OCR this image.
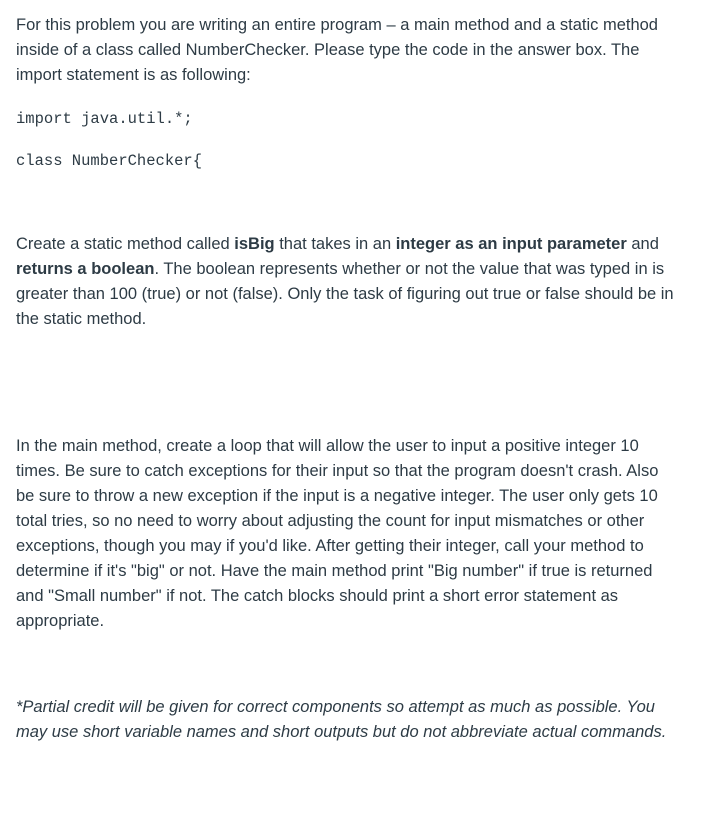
For this problem you are writing an entire program – a main method and a static method inside of a class called NumberChecker. Please type the code in the answer box. The import statement is as following:

import java.util.*;
class NumberChecker{

Create a static method called isBig that takes in an integer as an input parameter and returns a boolean. The boolean represents whether or not the value that was typed in is greater than 100 (true) or not (false). Only the task of figuring out true or false should be in the static method.

In the main method, create a loop that will allow the user to input a positive integer 10 times. Be sure to catch exceptions for their input so that the program doesn't crash. Also be sure to throw a new exception if the input is a negative integer. The user only gets 10 total tries, so no need to worry about adjusting the count for input mismatches or other exceptions, though you may if you'd like. After getting their integer, call your method to determine if it's "big" or not. Have the main method print "Big number" if true is returned and "Small number" if not. The catch blocks should print a short error statement as appropriate.

*Partial credit will be given for correct components so attempt as much as possible. You may use short variable names and short outputs but do not abbreviate actual commands.
